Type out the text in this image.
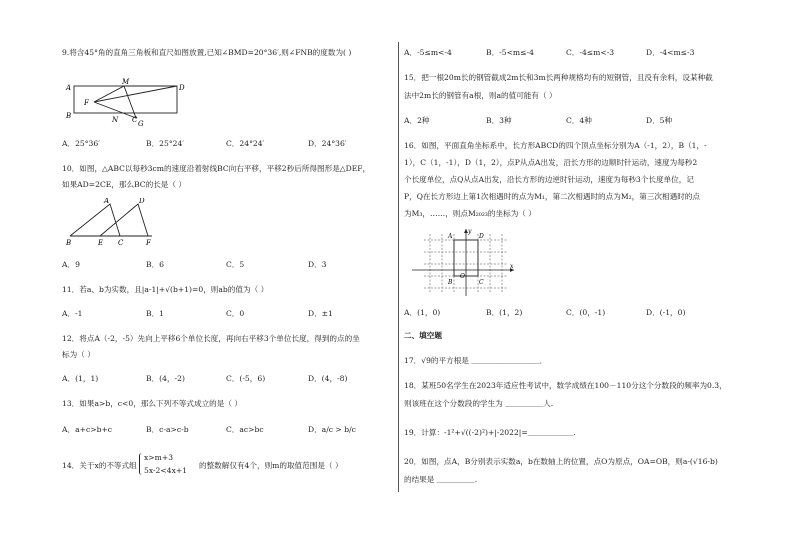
9.将含45°角的直角三角板和直尺如图放置,已知∠BMD=20°36′,则∠FNB的度数为( )
A
B
D
F
M
N C G
A．25°36′	B．25°24′	C．24°24′	D．24°36′
10．如图，△ABC以每秒3cm的速度沿着射线BC向右平移，平移2秒后所得图形是△DEF，
如果AD=2CE，那么BC的长是（ ）
A	D
B	E C	F
A．9	B．6	C．5	D．3
11．若a、b为实数，且|a-1|+√(b+1)=0，则ab的值为（ ）
A．-1	B．1	C．0	D．±1
12．将点A（-2，-5）先向上平移6个单位长度，再向右平移3个单位长度，得到的点的坐
标为（ ）
A．(1，1)	B．(4，-2)	C．(-5，6)	D．(4，-8)
13．如果a>b，c<0，那么下列不等式成立的是（ ）
A．a+c>b+c	B．c-a>c-b	C．ac>bc	D．a/c > b/c
14．关于x的不等式组
x>m+3
5x-2<4x+1
的整数解仅有4个，则m的取值范围是（ ）
A．-5≤m<-4	B．-5<m≤-4	C．-4≤m<-3	D．-4<m≤-3
15．把一根20m长的钢管截成2m长和3m长两种规格均有的短钢管，且没有余料，设某种截
法中2m长的钢管有a根，则a的值可能有（ ）
A．2种	B．3种	C．4种	D．5种
16．如图，平面直角坐标系中，长方形ABCD的四个顶点坐标分别为A（-1，2），B（1，-
1），C（1，-1），D（1，2），点P从点A出发，沿长方形的边顺时针运动，速度为每秒2
个长度单位，点Q从点A出发，沿长方形的边逆时针运动，速度为每秒3个长度单位，记
P，Q在长方形边上第1次相遇时的点为M₁，第二次相遇时的点为M₂，第三次相遇时的点
为M₃，……，则点M₂₀₂₃的坐标为（ ）
A	D
B	C
O
x
y
A．(1，0)	B．(1，2)	C．(0，-1)	D．(-1，0)
二、填空题
17．√9的平方根是 ＿＿＿＿＿＿＿＿＿．
18．某班50名学生在2023年适应性考试中，数学成绩在100－110分这个分数段的频率为0.3，
则该班在这个分数段的学生为 ＿＿＿＿＿人.
19．计算：-1²+√((-2)²)+|-2022|=＿＿＿＿＿＿.
20．如图，点A，B分别表示实数a，b在数轴上的位置，点O为原点，OA=OB，则a-(√16-b)
的结果是 ＿＿＿＿＿.
